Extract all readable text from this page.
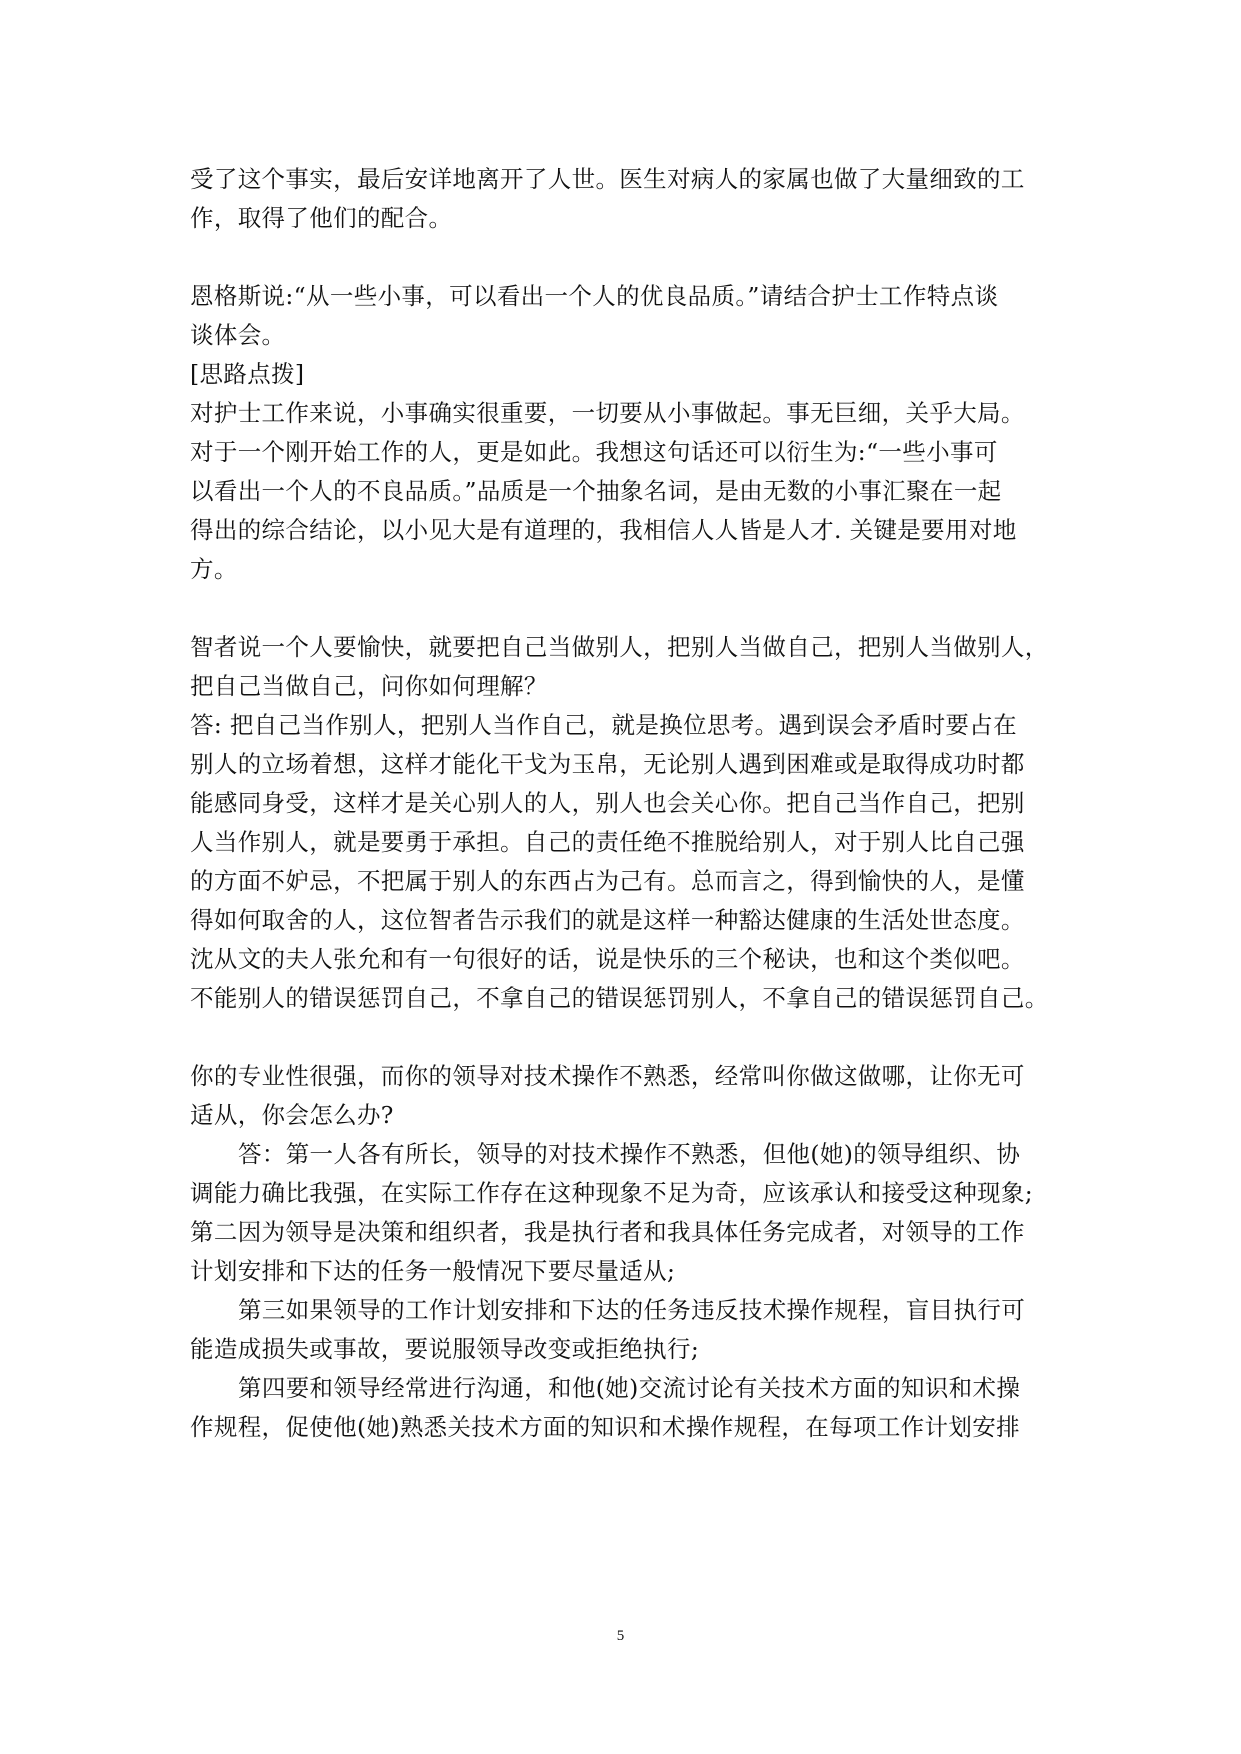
受了这个事实，最后安详地离开了人世。医生对病人的家属也做了大量细致的工
作，取得了他们的配合。
恩格斯说:“从一些小事，可以看出一个人的优良品质。”请结合护士工作特点谈
谈体会。
[思路点拨]
对护士工作来说，小事确实很重要，一切要从小事做起。事无巨细，关乎大局。
对于一个刚开始工作的人，更是如此。我想这句话还可以衍生为:“一些小事可
以看出一个人的不良品质。”品质是一个抽象名词，是由无数的小事汇聚在一起
得出的综合结论，以小见大是有道理的，我相信人人皆是人才. 关键是要用对地
方。
智者说一个人要愉快，就要把自己当做别人，把别人当做自己，把别人当做别人，
把自己当做自己，问你如何理解？
答: 把自己当作别人，把别人当作自己，就是换位思考。遇到误会矛盾时要占在
别人的立场着想，这样才能化干戈为玉帛，无论别人遇到困难或是取得成功时都
能感同身受，这样才是关心别人的人，别人也会关心你。把自己当作自己，把别
人当作别人，就是要勇于承担。自己的责任绝不推脱给别人，对于别人比自己强
的方面不妒忌，不把属于别人的东西占为己有。总而言之，得到愉快的人，是懂
得如何取舍的人，这位智者告示我们的就是这样一种豁达健康的生活处世态度。
沈从文的夫人张允和有一句很好的话，说是快乐的三个秘诀，也和这个类似吧。
不能别人的错误惩罚自己，不拿自己的错误惩罚别人，不拿自己的错误惩罚自己。
你的专业性很强，而你的领导对技术操作不熟悉，经常叫你做这做哪，让你无可
适从，你会怎么办?
答：第一人各有所长，领导的对技术操作不熟悉，但他(她)的领导组织、协
调能力确比我强，在实际工作存在这种现象不足为奇，应该承认和接受这种现象;
第二因为领导是决策和组织者，我是执行者和我具体任务完成者，对领导的工作
计划安排和下达的任务一般情况下要尽量适从;
第三如果领导的工作计划安排和下达的任务违反技术操作规程，盲目执行可
能造成损失或事故，要说服领导改变或拒绝执行;
第四要和领导经常进行沟通，和他(她)交流讨论有关技术方面的知识和术操
作规程，促使他(她)熟悉关技术方面的知识和术操作规程，在每项工作计划安排
5
